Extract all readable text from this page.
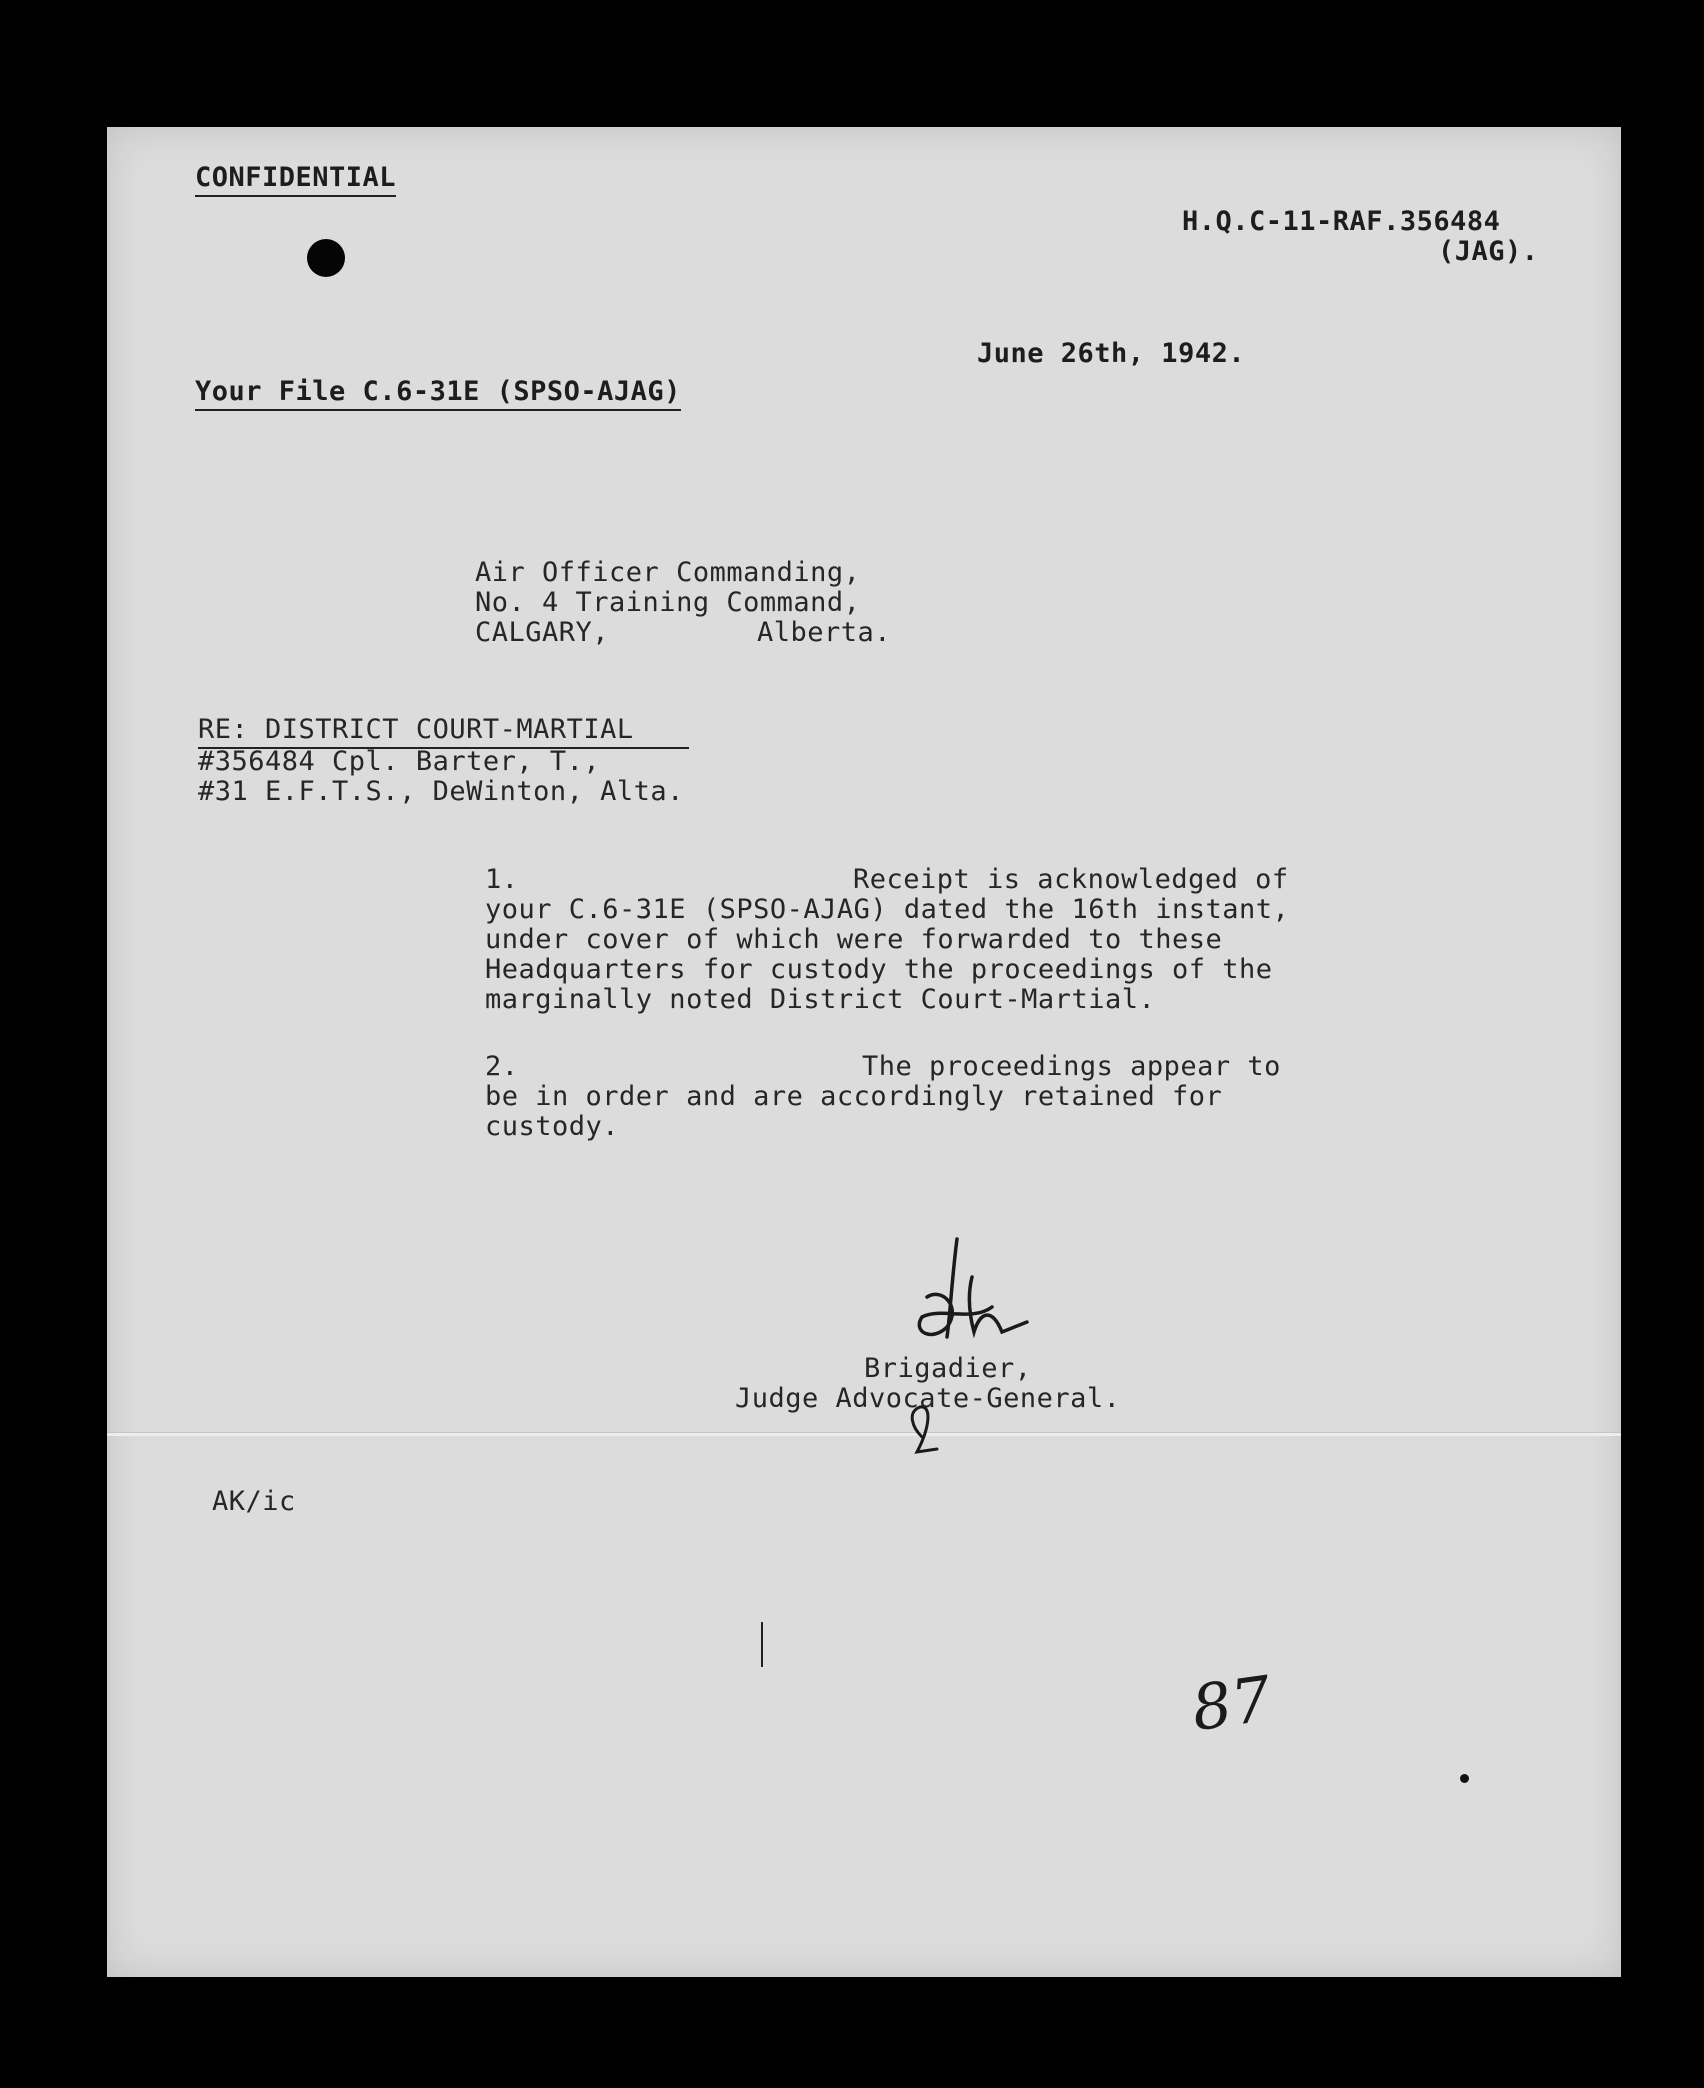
CONFIDENTIAL
H.Q.C-11-RAF.356484
(JAG).
June 26th, 1942.
Your File C.6-31E (SPSO-AJAG)
Air Officer Commanding,
No. 4 Training Command,
CALGARY,	Alberta.
RE: DISTRICT COURT-MARTIAL
#356484 Cpl. Barter, T.,
#31 E.F.T.S., DeWinton, Alta.
1.	Receipt is acknowledged of
your C.6-31E (SPSO-AJAG) dated the 16th instant,
under cover of which were forwarded to these
Headquarters for custody the proceedings of the
marginally noted District Court-Martial.
2.	The proceedings appear to
be in order and are accordingly retained for
custody.
Brigadier,
Judge Advocate-General.
AK/ic
87
